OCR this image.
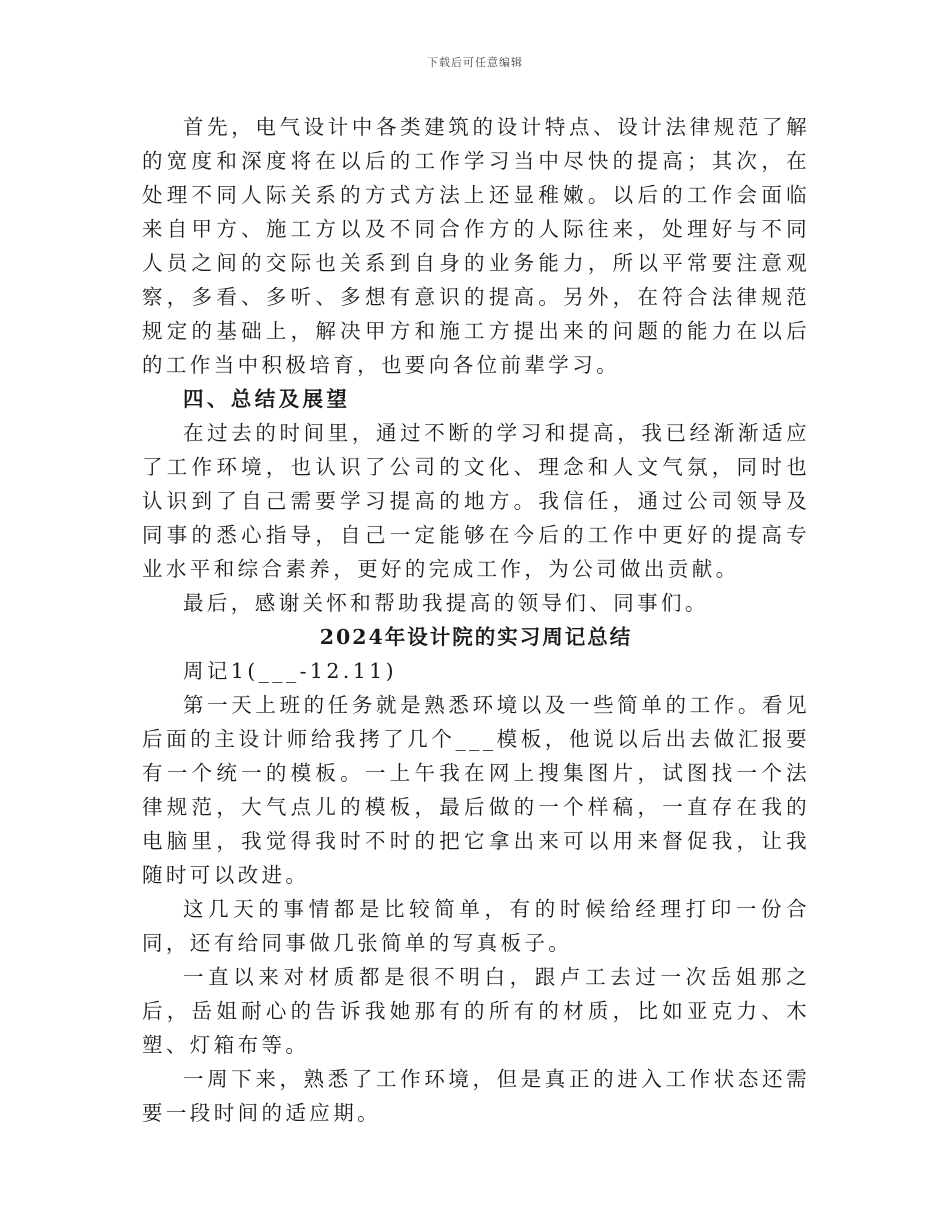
下载后可任意编辑

首先，电气设计中各类建筑的设计特点、设计法律规范了解的宽度和深度将在以后的工作学习当中尽快的提高；其次，在处理不同人际关系的方式方法上还显稚嫩。以后的工作会面临来自甲方、施工方以及不同合作方的人际往来，处理好与不同人员之间的交际也关系到自身的业务能力，所以平常要注意观察，多看、多听、多想有意识的提高。另外，在符合法律规范规定的基础上，解决甲方和施工方提出来的问题的能力在以后的工作当中积极培育，也要向各位前辈学习。

四、总结及展望

在过去的时间里，通过不断的学习和提高，我已经渐渐适应了工作环境，也认识了公司的文化、理念和人文气氛，同时也认识到了自己需要学习提高的地方。我信任，通过公司领导及同事的悉心指导，自己一定能够在今后的工作中更好的提高专业水平和综合素养，更好的完成工作，为公司做出贡献。

最后，感谢关怀和帮助我提高的领导们、同事们。

2024年设计院的实习周记总结

周记1(___-12.11)

第一天上班的任务就是熟悉环境以及一些简单的工作。看见后面的主设计师给我拷了几个___模板，他说以后出去做汇报要有一个统一的模板。一上午我在网上搜集图片，试图找一个法律规范，大气点儿的模板，最后做的一个样稿，一直存在我的电脑里，我觉得我时不时的把它拿出来可以用来督促我，让我随时可以改进。

这几天的事情都是比较简单，有的时候给经理打印一份合同，还有给同事做几张简单的写真板子。

一直以来对材质都是很不明白，跟卢工去过一次岳姐那之后，岳姐耐心的告诉我她那有的所有的材质，比如亚克力、木塑、灯箱布等。

一周下来，熟悉了工作环境，但是真正的进入工作状态还需要一段时间的适应期。
